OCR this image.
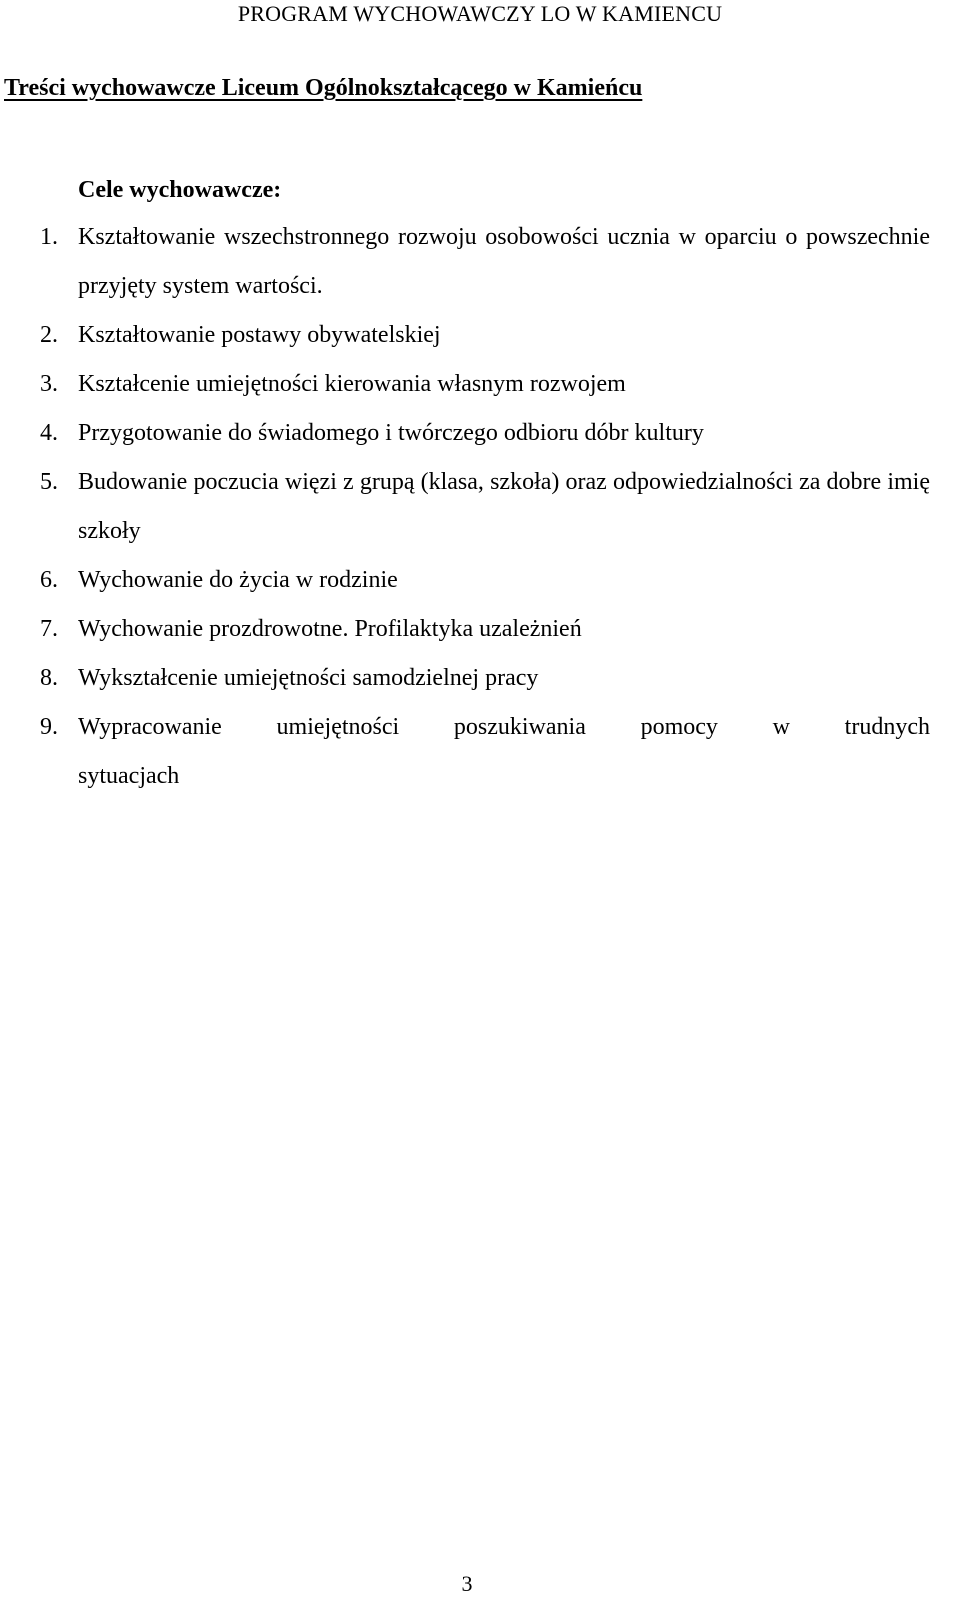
PROGRAM WYCHOWAWCZY LO W KAMIENCU
Treści wychowawcze Liceum Ogólnokształcącego w Kamieńcu
Cele wychowawcze:
1. Kształtowanie wszechstronnego rozwoju osobowości ucznia w oparciu o powszechnie przyjęty system wartości.
2. Kształtowanie postawy obywatelskiej
3. Kształcenie umiejętności kierowania własnym rozwojem
4. Przygotowanie do świadomego i twórczego odbioru dóbr kultury
5. Budowanie poczucia więzi z grupą (klasa, szkoła) oraz odpowiedzialności za dobre imię szkoły
6. Wychowanie do życia w rodzinie
7. Wychowanie prozdrowotne. Profilaktyka uzależnień
8. Wykształcenie umiejętności samodzielnej pracy
9. Wypracowanie umiejętności poszukiwania pomocy w trudnych
sytuacjach
3
